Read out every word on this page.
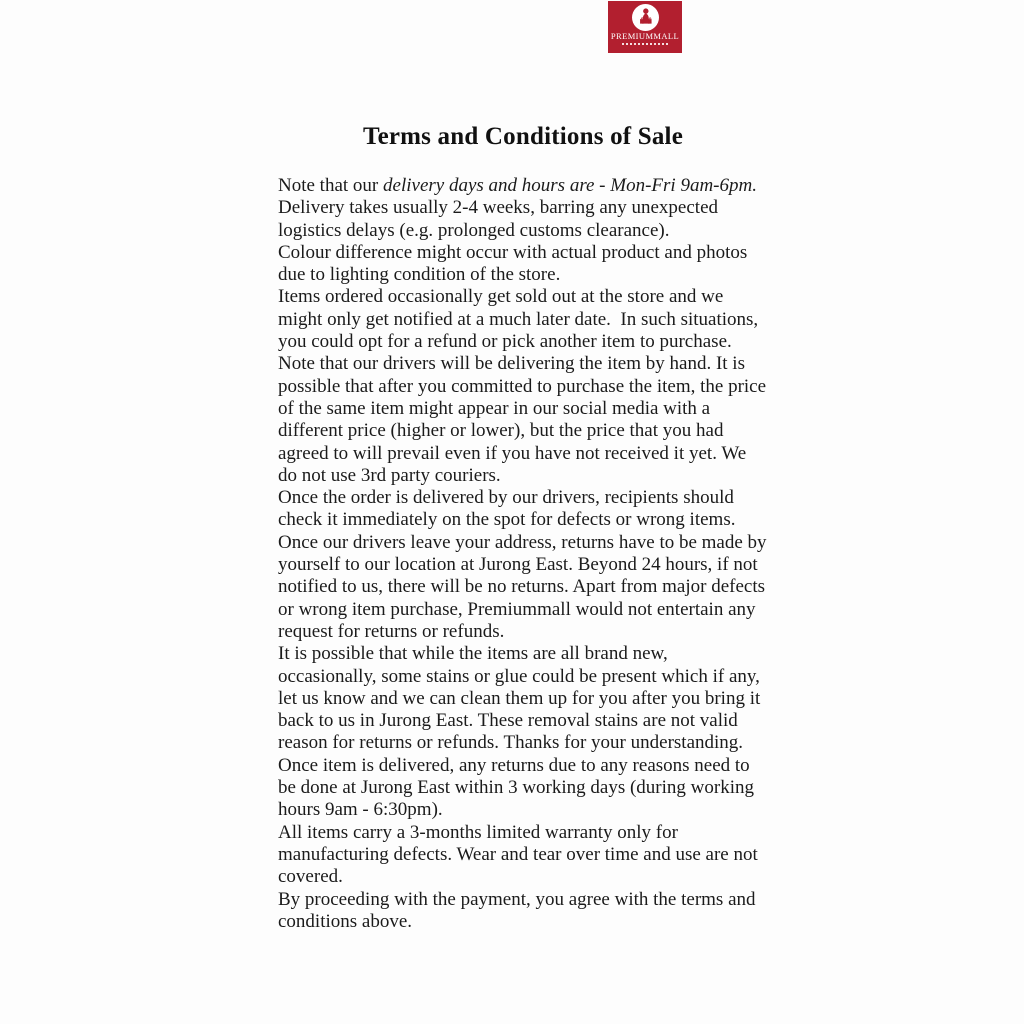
PREMIUMMALL
Terms and Conditions of Sale

Note that our delivery days and hours are - Mon-Fri 9am-6pm.

Delivery takes usually 2-4 weeks, barring any unexpected logistics delays (e.g. prolonged customs clearance).

Colour difference might occur with actual product and photos due to lighting condition of the store.

Items ordered occasionally get sold out at the store and we might only get notified at a much later date.  In such situations, you could opt for a refund or pick another item to purchase.

Note that our drivers will be delivering the item by hand. It is possible that after you committed to purchase the item, the price of the same item might appear in our social media with a different price (higher or lower), but the price that you had agreed to will prevail even if you have not received it yet. We do not use 3rd party couriers.

Once the order is delivered by our drivers, recipients should check it immediately on the spot for defects or wrong items. Once our drivers leave your address, returns have to be made by yourself to our location at Jurong East. Beyond 24 hours, if not notified to us, there will be no returns. Apart from major defects or wrong item purchase, Premiummall would not entertain any request for returns or refunds.

It is possible that while the items are all brand new, occasionally, some stains or glue could be present which if any, let us know and we can clean them up for you after you bring it back to us in Jurong East. These removal stains are not valid reason for returns or refunds. Thanks for your understanding.

Once item is delivered, any returns due to any reasons need to be done at Jurong East within 3 working days (during working hours 9am - 6:30pm).

All items carry a 3-months limited warranty only for manufacturing defects. Wear and tear over time and use are not covered.

By proceeding with the payment, you agree with the terms and conditions above.
